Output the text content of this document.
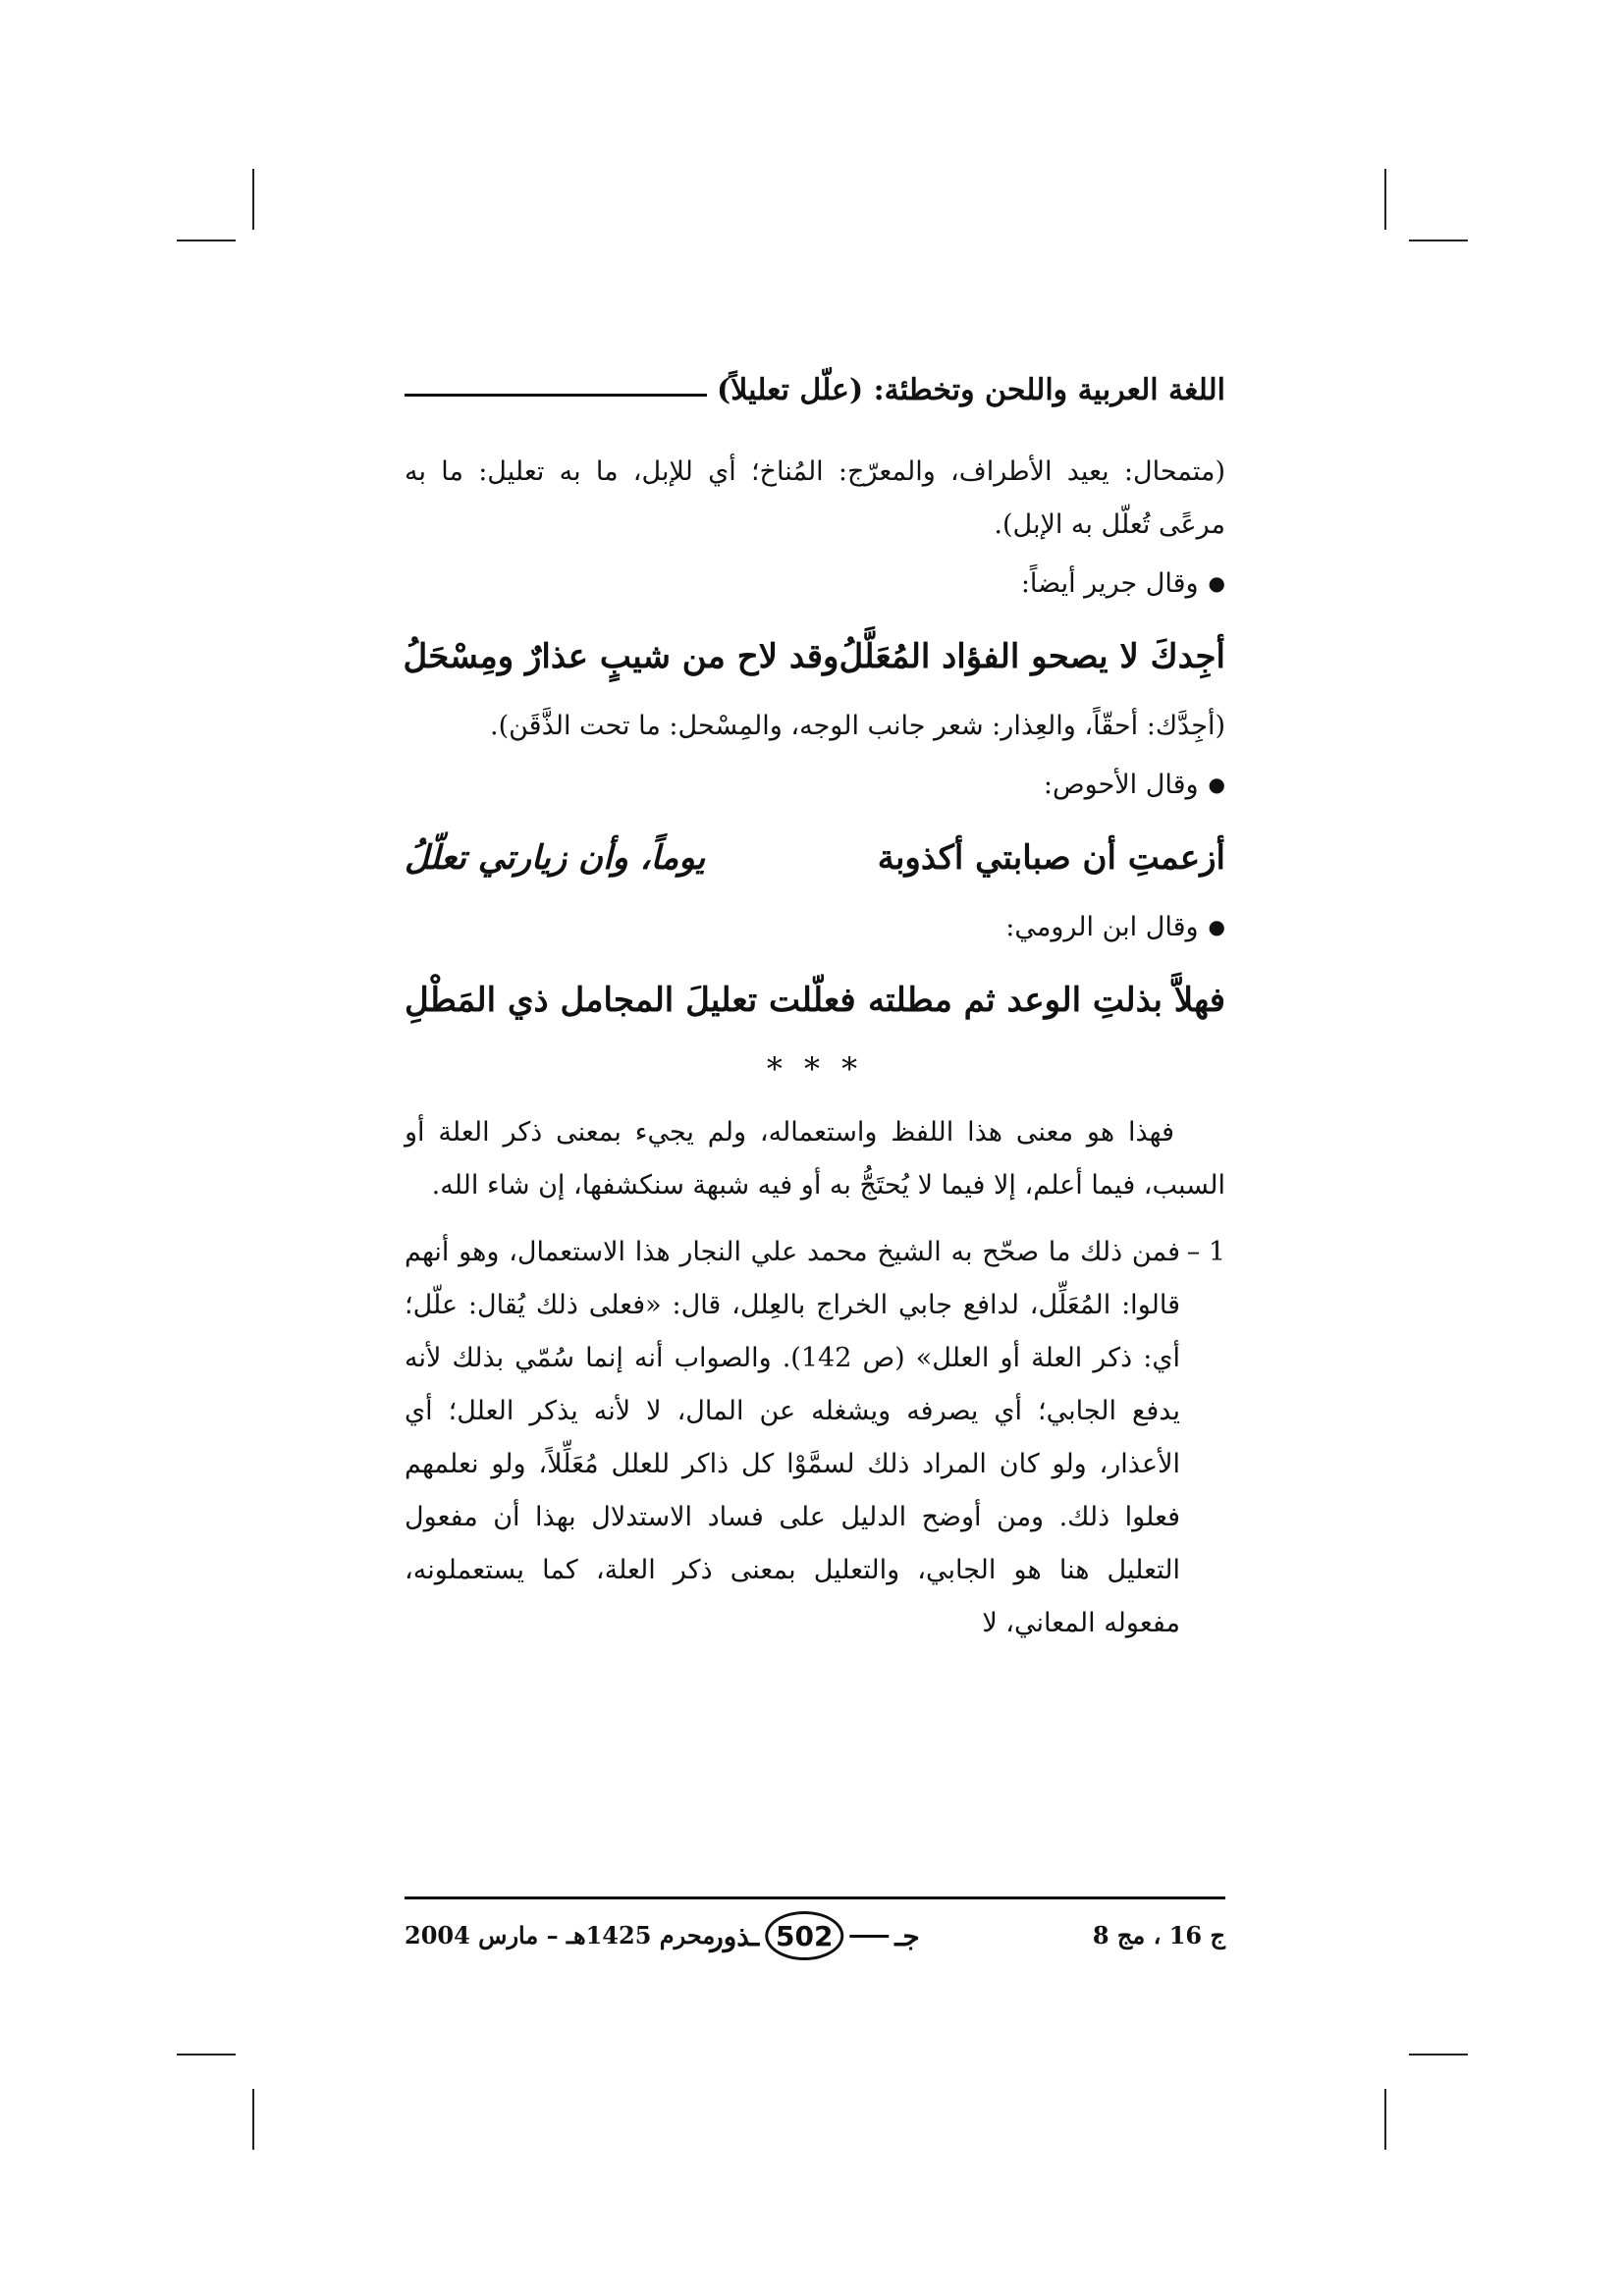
اللغة العربية واللحن وتخطئة: (علّل تعليلاً)

(متمحال: يعيد الأطراف، والمعرّج: المُناخ؛ أي للإبل، ما به تعليل: ما به مرعًى تُعلّل به الإبل).

● وقال جرير أيضاً:

أجِدكَ لا يصحو الفؤاد المُعَلَّلُ
وقد لاح من شيبٍ عذارٌ ومِسْحَلُ

(أجِدَّك: أحقّاً، والعِذار: شعر جانب الوجه، والمِسْحل: ما تحت الذَّقَن).

● وقال الأحوص:

أزعمتِ أن صبابتي أكذوبة
يوماً، وأن زيارتي تعلّلُ

● وقال ابن الرومي:

فهلاَّ بذلتِ الوعد ثم مطلته
فعلّلت تعليلَ المجامل ذي المَطْلِ

* * *

فهذا هو معنى هذا اللفظ واستعماله، ولم يجيء بمعنى ذكر العلة أو السبب، فيما أعلم، إلا فيما لا يُحتَجُّ به أو فيه شبهة سنكشفها، إن شاء الله.

1 –
فمن ذلك ما صحّح به الشيخ محمد علي النجار هذا الاستعمال، وهو أنهم قالوا: المُعَلِّل، لدافع جابي الخراج بالعِلل، قال: «فعلى ذلك يُقال: علّل؛ أي: ذكر العلة أو العلل» (ص 142). والصواب أنه إنما سُمّي بذلك لأنه يدفع الجابي؛ أي يصرفه ويشغله عن المال، لا لأنه يذكر العلل؛ أي الأعذار، ولو كان المراد ذلك لسمَّوْا كل ذاكر للعلل مُعَلِّلاً، ولو نعلمهم فعلوا ذلك. ومن أوضح الدليل على فساد الاستدلال بهذا أن مفعول التعليل هنا هو الجابي، والتعليل بمعنى ذكر العلة، كما يستعملونه، مفعوله المعاني، لا
ج 16 ، مج 8
ـذور 502	جـ
محرم 1425هـ – مارس 2004
